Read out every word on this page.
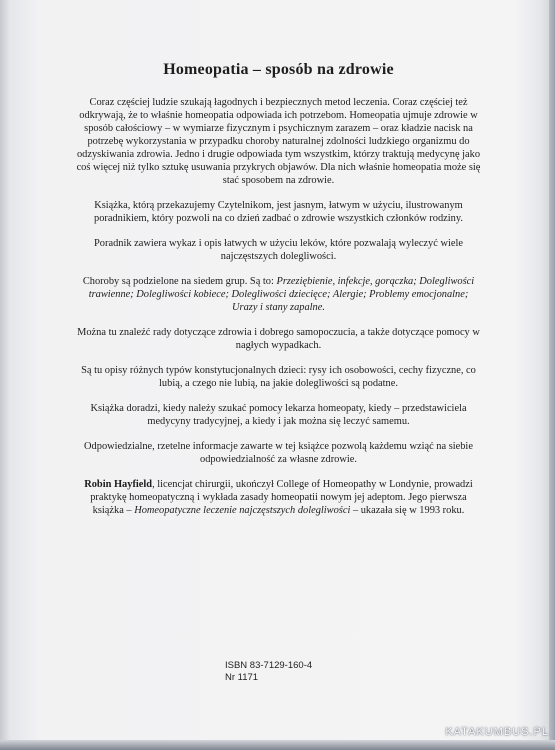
Homeopatia – sposób na zdrowie

Coraz częściej ludzie szukają łagodnych i bezpiecznych metod leczenia. Coraz częściej też odkrywają, że to właśnie homeopatia odpowiada ich potrzebom. Homeopatia ujmuje zdrowie w sposób całościowy – w wymiarze fizycznym i psychicznym zarazem – oraz kładzie nacisk na potrzebę wykorzystania w przypadku choroby naturalnej zdolności ludzkiego organizmu do odzyskiwania zdrowia. Jedno i drugie odpowiada tym wszystkim, którzy traktują medycynę jako coś więcej niż tylko sztukę usuwania przykrych objawów. Dla nich właśnie homeopatia może się stać sposobem na zdrowie.

Książka, którą przekazujemy Czytelnikom, jest jasnym, łatwym w użyciu, ilustrowanym poradnikiem, który pozwoli na co dzień zadbać o zdrowie wszystkich członków rodziny.

Poradnik zawiera wykaz i opis łatwych w użyciu leków, które pozwalają wyleczyć wiele najczęstszych dolegliwości.

Choroby są podzielone na siedem grup. Są to: Przeziębienie, infekcje, gorączka; Dolegliwości trawienne; Dolegliwości kobiece; Dolegliwości dziecięce; Alergie; Problemy emocjonalne; Urazy i stany zapalne.

Można tu znaleźć rady dotyczące zdrowia i dobrego samopoczucia, a także dotyczące pomocy w nagłych wypadkach.

Są tu opisy różnych typów konstytucjonalnych dzieci: rysy ich osobowości, cechy fizyczne, co lubią, a czego nie lubią, na jakie dolegliwości są podatne.

Książka doradzi, kiedy należy szukać pomocy lekarza homeopaty, kiedy – przedstawiciela medycyny tradycyjnej, a kiedy i jak można się leczyć samemu.

Odpowiedzialne, rzetelne informacje zawarte w tej książce pozwolą każdemu wziąć na siebie odpowiedzialność za własne zdrowie.

Robin Hayfield, licencjat chirurgii, ukończył College of Homeopathy w Londynie, prowadzi praktykę homeopatyczną i wykłada zasady homeopatii nowym jej adeptom. Jego pierwsza książka – Homeopatyczne leczenie najczęstszych dolegliwości – ukazała się w 1993 roku.

ISBN 83-7129-160-4
Nr 1171
KATAKUMBUS.PL
